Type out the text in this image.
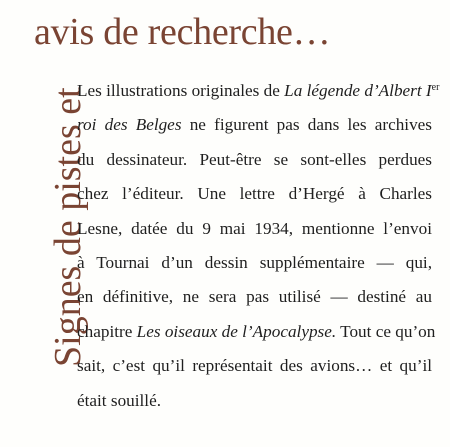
Signes de pistes et
avis de recherche…
Les illustrations originales de La légende d’Albert Ier
roi des Belges ne figurent pas dans les archives
du dessinateur. Peut-être se sont-elles perdues
chez l’éditeur. Une lettre d’Hergé à Charles
Lesne, datée du 9 mai 1934, mentionne l’envoi
à Tournai d’un dessin supplémentaire — qui,
en définitive, ne sera pas utilisé — destiné au
chapitre Les oiseaux de l’Apocalypse. Tout ce qu’on
sait, c’est qu’il représentait des avions… et qu’il
était souillé.
